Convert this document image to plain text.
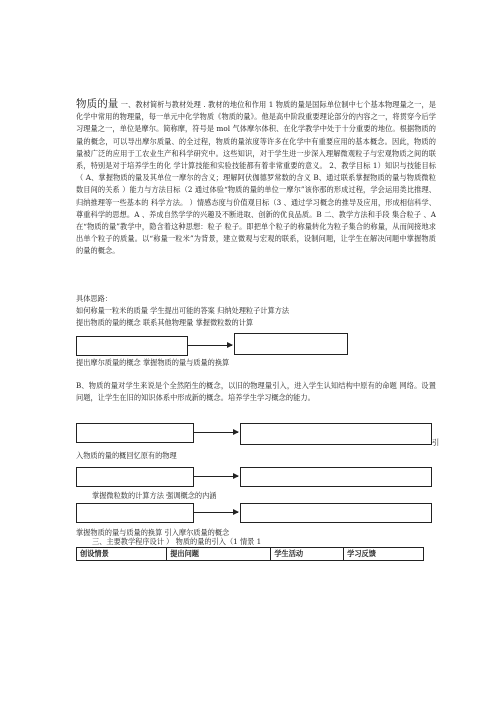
物质的量 一、教材简析与教材处理 . 教材的地位和作用 1 物质的量是国际单位制中七个基本物理量之一，是化学中常用的物理量，每一单元中化学物质《物质的量》。他是高中阶段重要理论部分的内容之一，将贯穿今后学习理量之一，单位是摩尔。简称摩，符号是 mol 气体摩尔体积、在化学教学中处于十分重要的地位。根据物质的量的概念，可以导出摩尔质量、的全过程，物质的量浓度等许多在化学中有重要应用的基本概念。因此，物质的量被广泛的应用于工农业生产和科学研究中。这些知识，对于学生进一步深入理解微观粒子与宏观物质之间的联系，特别是对于培养学生的化 学计算技能和实验技能都有着非常重要的意义。 2、教学目标 1）知识与技能目标 （ A、掌握物质的量及其单位一摩尔的含义；理解阿伏伽德罗常数的含义 B、通过联系掌握物质的量与物质微粒数目间的关系 ）能力与方法目标（2 通过体验“物质的量的单位一摩尔”该你那的形成过程，学会运用类比推理、归纳推理等一些基本的 科学方法。 ）情感态度与价值观目标（3 、通过学习概念的推导及应用，形成相信科学、尊重科学的思想。A 、养成自然学学的兴趣及不断进取、创新的优良品质。B 二、教学方法和手段 集合粒子 、A 在“物质的量”教学中，隐含着这种思想：粒子 粒子。即把单个粒子的称量转化为粒子集合的称量，从而间接地求出单个粒子的质量。以“称量一粒米”为背景，建立微观与宏观的联系，设制问题，让学生在解决问题中掌握物质的量的概念。
具体思路：
如何称量一粒米的质量 学生提出可能的答案 归纳处理粒子计算方法
提出物质的量的概念 联系其他物理量 掌握微粒数的计算
提出摩尔质量的概念 掌握物质的量与质量的换算
B、物质的量对学生来说是个全然陌生的概念，以旧的物理量引入，进入学生认知结构中原有的命题 网络。设置问题，让学生在旧的知识体系中形成新的概念。培养学生学习概念的能力。
引
入物质的量的概回忆原有的物理
掌握微粒数的计算方法 强调概念的内涵
掌握物质的量与质量的换算 引入摩尔质量的概念
三、主要教学程序设计 ） 物质的量的引入（1 情景 1
创设情景	提出问题	学生活动	学习反馈
